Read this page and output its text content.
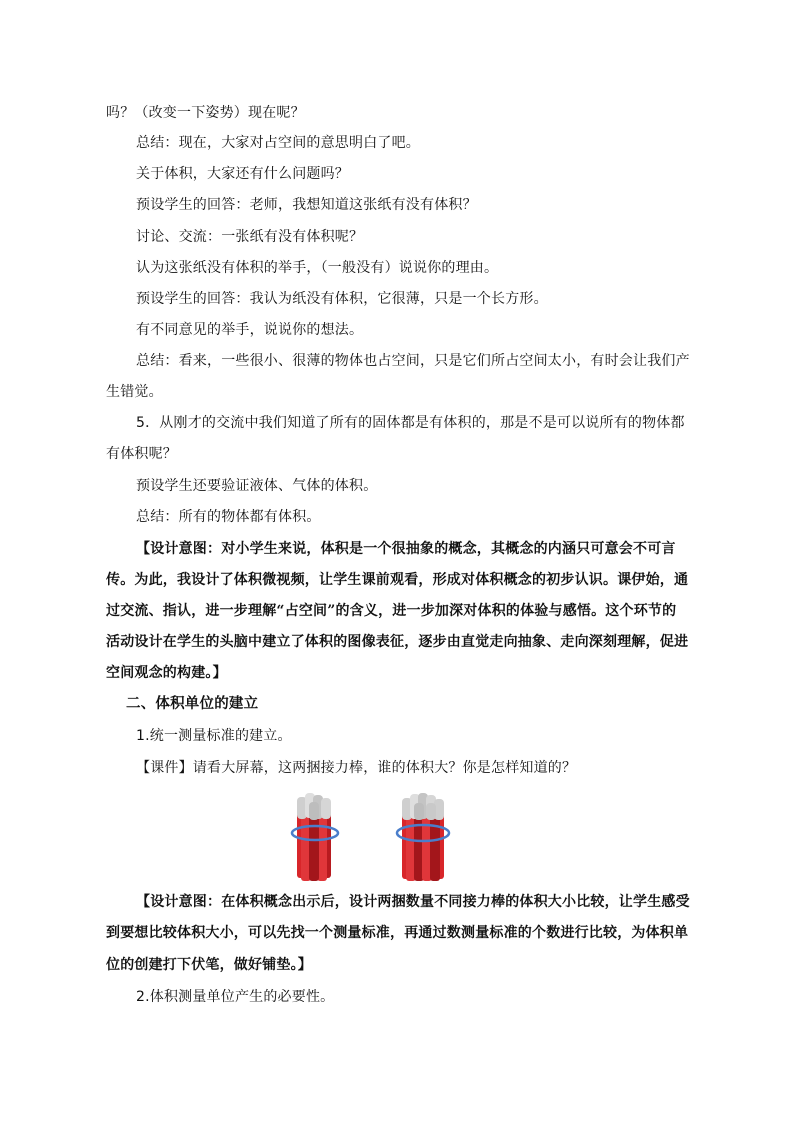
吗？（改变一下姿势）现在呢？
总结：现在，大家对占空间的意思明白了吧。
关于体积，大家还有什么问题吗？
预设学生的回答：老师，我想知道这张纸有没有体积？
讨论、交流：一张纸有没有体积呢？
认为这张纸没有体积的举手，（一般没有）说说你的理由。
预设学生的回答：我认为纸没有体积，它很薄，只是一个长方形。
有不同意见的举手，说说你的想法。
总结：看来，一些很小、很薄的物体也占空间，只是它们所占空间太小，有时会让我们产
生错觉。
5．从刚才的交流中我们知道了所有的固体都是有体积的，那是不是可以说所有的物体都
有体积呢？
预设学生还要验证液体、气体的体积。
总结：所有的物体都有体积。
【设计意图：对小学生来说，体积是一个很抽象的概念，其概念的内涵只可意会不可言
传。为此，我设计了体积微视频，让学生课前观看，形成对体积概念的初步认识。课伊始，通
过交流、指认，进一步理解“占空间”的含义，进一步加深对体积的体验与感悟。这个环节的
活动设计在学生的头脑中建立了体积的图像表征，逐步由直觉走向抽象、走向深刻理解，促进
空间观念的构建。】
二、体积单位的建立
1.统一测量标准的建立。
【课件】请看大屏幕，这两捆接力棒，谁的体积大？你是怎样知道的？
【设计意图：在体积概念出示后，设计两捆数量不同接力棒的体积大小比较，让学生感受
到要想比较体积大小，可以先找一个测量标准，再通过数测量标准的个数进行比较，为体积单
位的创建打下伏笔，做好铺垫。】
2.体积测量单位产生的必要性。
